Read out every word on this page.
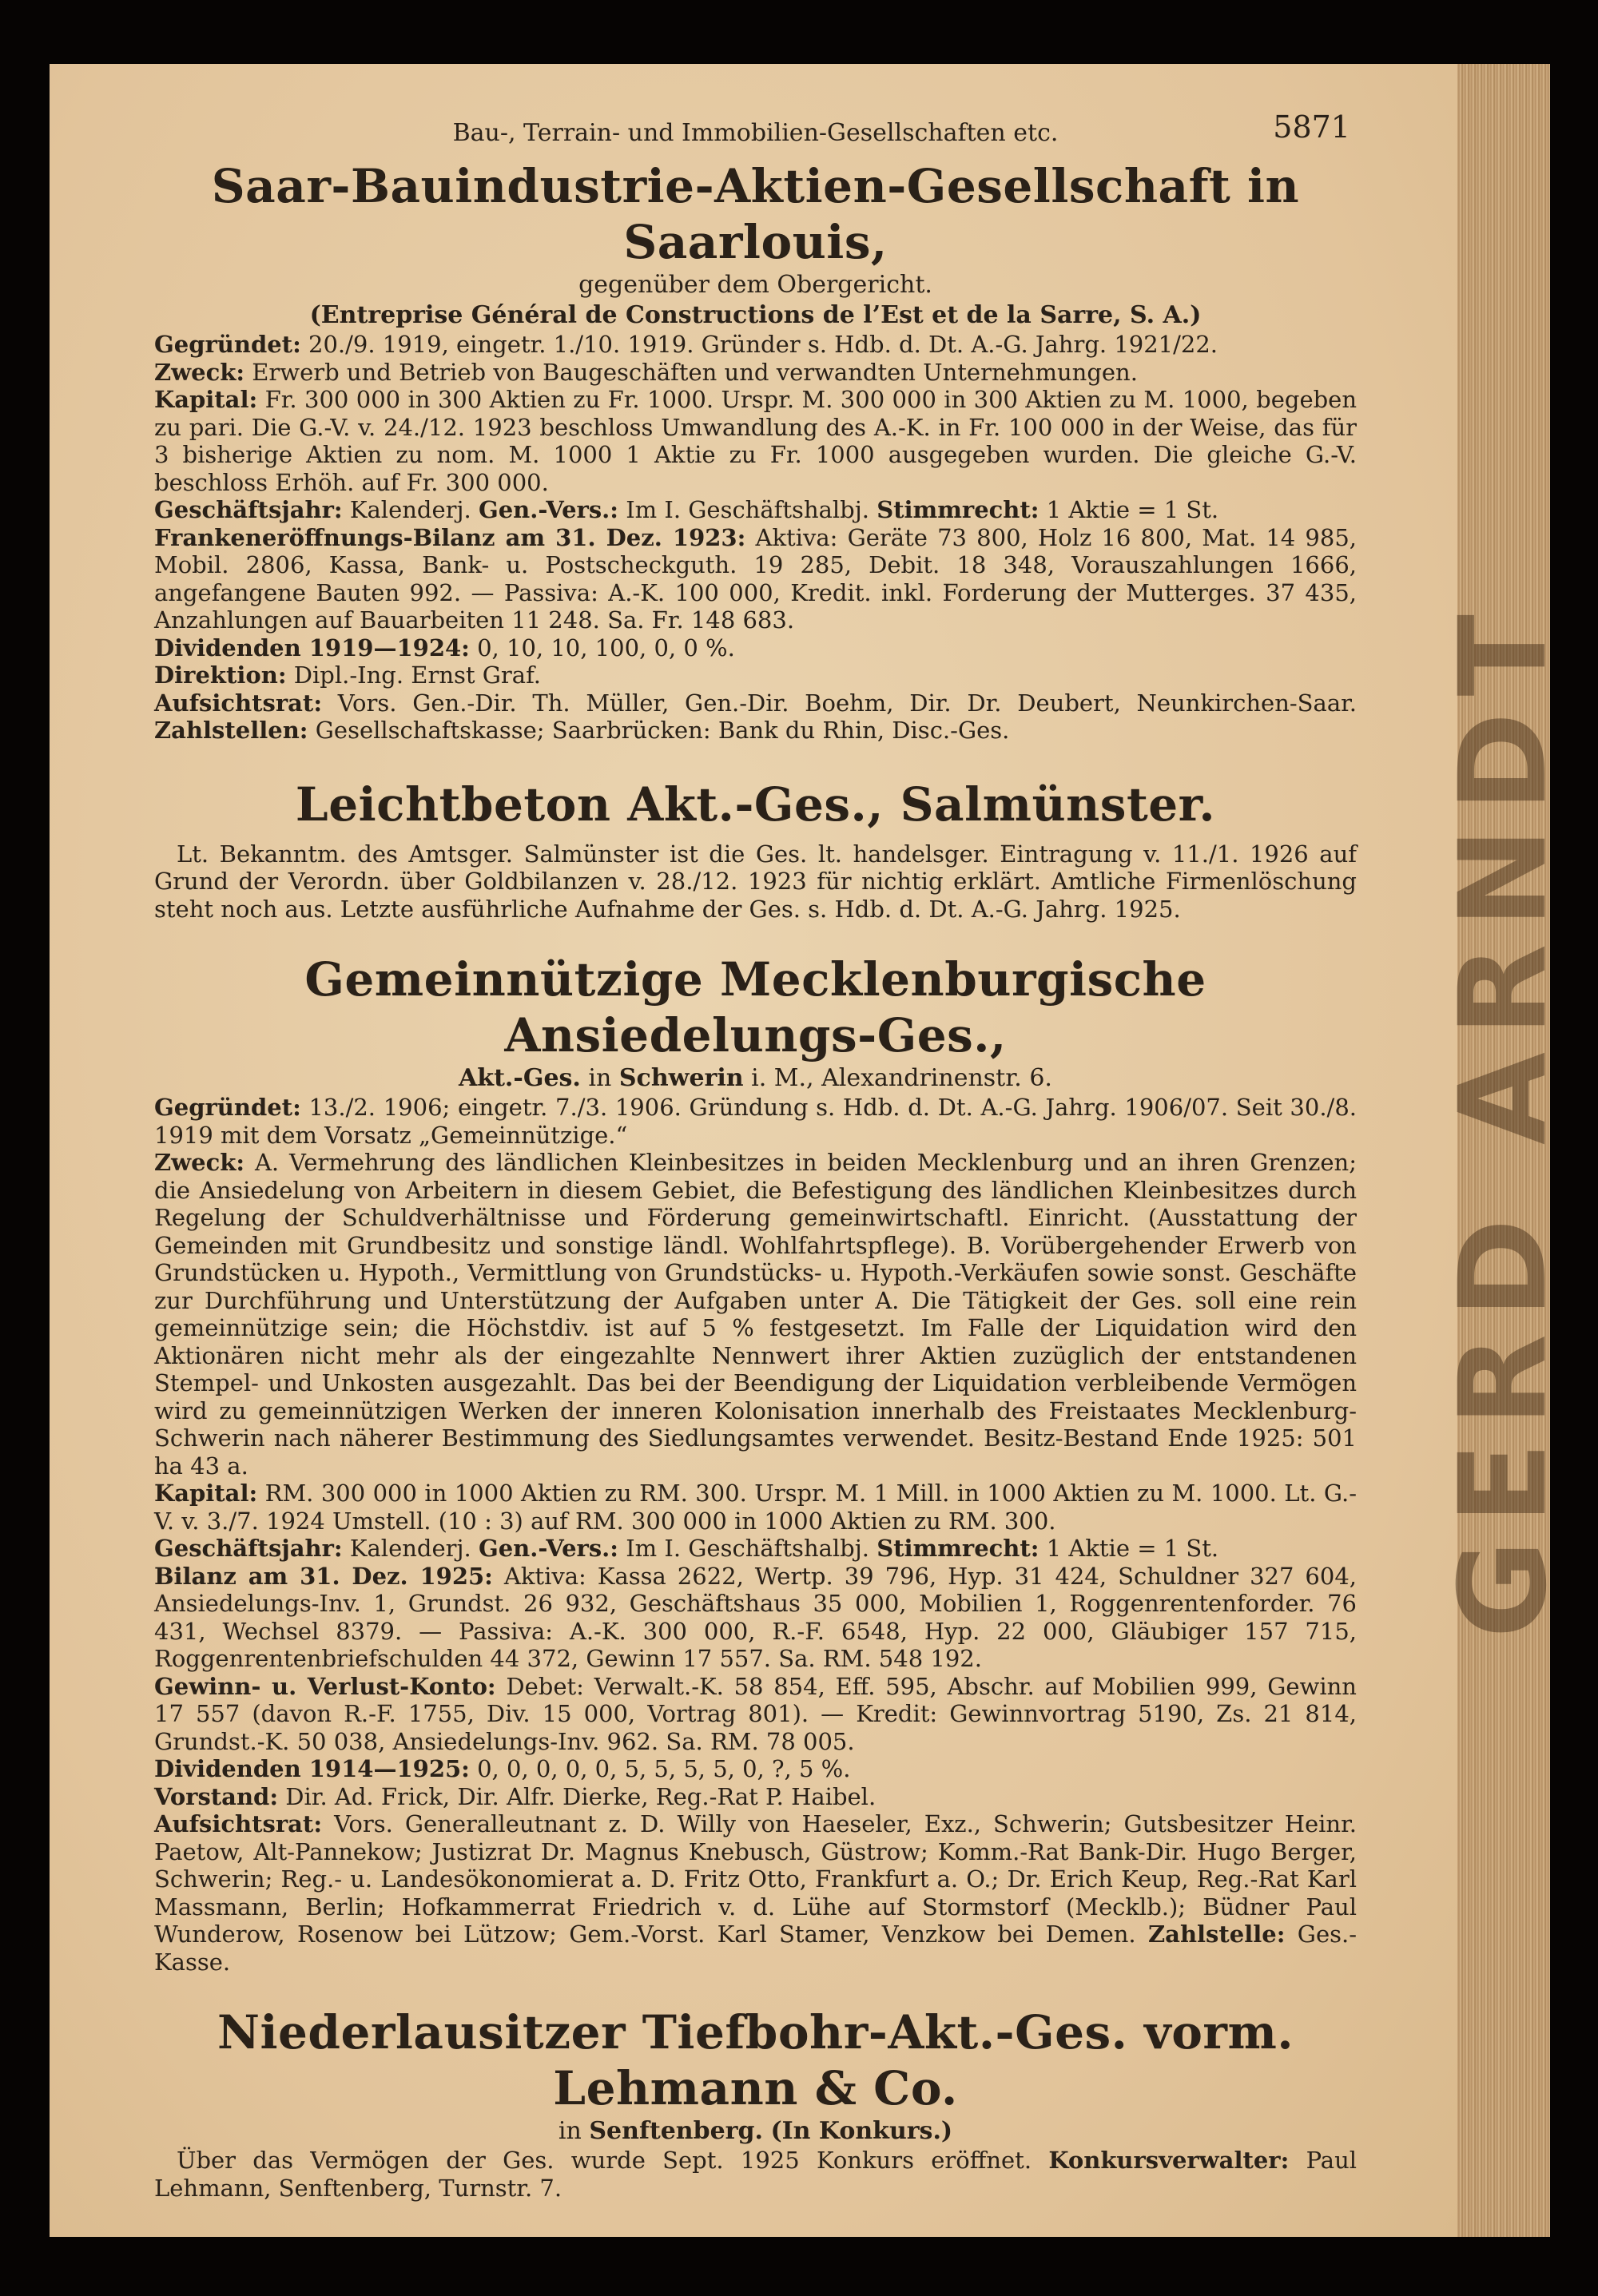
Bau-, Terrain- und Immobilien-Gesellschaften etc.	5871
Saar-Bauindustrie-Aktien-Gesellschaft in Saarlouis,
gegenüber dem Obergericht.
(Entreprise Général de Constructions de l’Est et de la Sarre, S. A.)

Gegründet: 20./9. 1919, eingetr. 1./10. 1919. Gründer s. Hdb. d. Dt. A.-G. Jahrg. 1921/22.

Zweck: Erwerb und Betrieb von Baugeschäften und verwandten Unternehmungen.

Kapital: Fr. 300 000 in 300 Aktien zu Fr. 1000. Urspr. M. 300 000 in 300 Aktien zu M. 1000, begeben zu pari. Die G.-V. v. 24./12. 1923 beschloss Umwandlung des A.-K. in Fr. 100 000 in der Weise, das für 3 bisherige Aktien zu nom. M. 1000 1 Aktie zu Fr. 1000 ausgegeben wurden. Die gleiche G.-V. beschloss Erhöh. auf Fr. 300 000.

Geschäftsjahr: Kalenderj. Gen.-Vers.: Im I. Geschäftshalbj. Stimmrecht: 1 Aktie = 1 St.

Frankeneröffnungs-Bilanz am 31. Dez. 1923: Aktiva: Geräte 73 800, Holz 16 800, Mat. 14 985, Mobil. 2806, Kassa, Bank- u. Postscheckguth. 19 285, Debit. 18 348, Vorauszahlungen 1666, angefangene Bauten 992. — Passiva: A.-K. 100 000, Kredit. inkl. Forderung der Mutterges. 37 435, Anzahlungen auf Bauarbeiten 11 248. Sa. Fr. 148 683.

Dividenden 1919—1924: 0, 10, 10, 100, 0, 0 %.

Direktion: Dipl.-Ing. Ernst Graf.

Aufsichtsrat: Vors. Gen.-Dir. Th. Müller, Gen.-Dir. Boehm, Dir. Dr. Deubert, Neunkirchen-Saar. Zahlstellen: Gesellschaftskasse; Saarbrücken: Bank du Rhin, Disc.-Ges.

Leichtbeton Akt.-Ges., Salmünster.

Lt. Bekanntm. des Amtsger. Salmünster ist die Ges. lt. handelsger. Eintragung v. 11./1. 1926 auf Grund der Verordn. über Goldbilanzen v. 28./12. 1923 für nichtig erklärt. Amtliche Firmenlöschung steht noch aus. Letzte ausführliche Aufnahme der Ges. s. Hdb. d. Dt. A.-G. Jahrg. 1925.

Gemeinnützige Mecklenburgische Ansiedelungs-Ges.,
Akt.-Ges. in Schwerin i. M., Alexandrinenstr. 6.

Gegründet: 13./2. 1906; eingetr. 7./3. 1906. Gründung s. Hdb. d. Dt. A.-G. Jahrg. 1906/07. Seit 30./8. 1919 mit dem Vorsatz „Gemeinnützige.“

Zweck: A. Vermehrung des ländlichen Kleinbesitzes in beiden Mecklenburg und an ihren Grenzen; die Ansiedelung von Arbeitern in diesem Gebiet, die Befestigung des ländlichen Kleinbesitzes durch Regelung der Schuldverhältnisse und Förderung gemeinwirtschaftl. Einricht. (Ausstattung der Gemeinden mit Grundbesitz und sonstige ländl. Wohlfahrtspflege). B. Vorübergehender Erwerb von Grundstücken u. Hypoth., Vermittlung von Grundstücks- u. Hypoth.-Verkäufen sowie sonst. Geschäfte zur Durchführung und Unterstützung der Aufgaben unter A. Die Tätigkeit der Ges. soll eine rein gemeinnützige sein; die Höchstdiv. ist auf 5 % festgesetzt. Im Falle der Liquidation wird den Aktionären nicht mehr als der eingezahlte Nennwert ihrer Aktien zuzüglich der entstandenen Stempel- und Unkosten ausgezahlt. Das bei der Beendigung der Liquidation verbleibende Vermögen wird zu gemeinnützigen Werken der inneren Kolonisation innerhalb des Freistaates Mecklenburg-Schwerin nach näherer Bestimmung des Siedlungsamtes verwendet. Besitz-Bestand Ende 1925: 501 ha 43 a.

Kapital: RM. 300 000 in 1000 Aktien zu RM. 300. Urspr. M. 1 Mill. in 1000 Aktien zu M. 1000. Lt. G.-V. v. 3./7. 1924 Umstell. (10 : 3) auf RM. 300 000 in 1000 Aktien zu RM. 300.

Geschäftsjahr: Kalenderj. Gen.-Vers.: Im I. Geschäftshalbj. Stimmrecht: 1 Aktie = 1 St.

Bilanz am 31. Dez. 1925: Aktiva: Kassa 2622, Wertp. 39 796, Hyp. 31 424, Schuldner 327 604, Ansiedelungs-Inv. 1, Grundst. 26 932, Geschäftshaus 35 000, Mobilien 1, Roggenrentenforder. 76 431, Wechsel 8379. — Passiva: A.-K. 300 000, R.-F. 6548, Hyp. 22 000, Gläubiger 157 715, Roggenrentenbriefschulden 44 372, Gewinn 17 557. Sa. RM. 548 192.

Gewinn- u. Verlust-Konto: Debet: Verwalt.-K. 58 854, Eff. 595, Abschr. auf Mobilien 999, Gewinn 17 557 (davon R.-F. 1755, Div. 15 000, Vortrag 801). — Kredit: Gewinnvortrag 5190, Zs. 21 814, Grundst.-K. 50 038, Ansiedelungs-Inv. 962. Sa. RM. 78 005.

Dividenden 1914—1925: 0, 0, 0, 0, 0, 5, 5, 5, 5, 0, ?, 5 %.

Vorstand: Dir. Ad. Frick, Dir. Alfr. Dierke, Reg.-Rat P. Haibel.

Aufsichtsrat: Vors. Generalleutnant z. D. Willy von Haeseler, Exz., Schwerin; Gutsbesitzer Heinr. Paetow, Alt-Pannekow; Justizrat Dr. Magnus Knebusch, Güstrow; Komm.-Rat Bank-Dir. Hugo Berger, Schwerin; Reg.- u. Landesökonomierat a. D. Fritz Otto, Frankfurt a. O.; Dr. Erich Keup, Reg.-Rat Karl Massmann, Berlin; Hofkammerrat Friedrich v. d. Lühe auf Stormstorf (Mecklb.); Büdner Paul Wunderow, Rosenow bei Lützow; Gem.-Vorst. Karl Stamer, Venzkow bei Demen. Zahlstelle: Ges.-Kasse.

Niederlausitzer Tiefbohr-Akt.-Ges. vorm. Lehmann & Co.
in Senftenberg. (In Konkurs.)

Über das Vermögen der Ges. wurde Sept. 1925 Konkurs eröffnet. Konkursverwalter: Paul Lehmann, Senftenberg, Turnstr. 7.

GERD ARNDT
